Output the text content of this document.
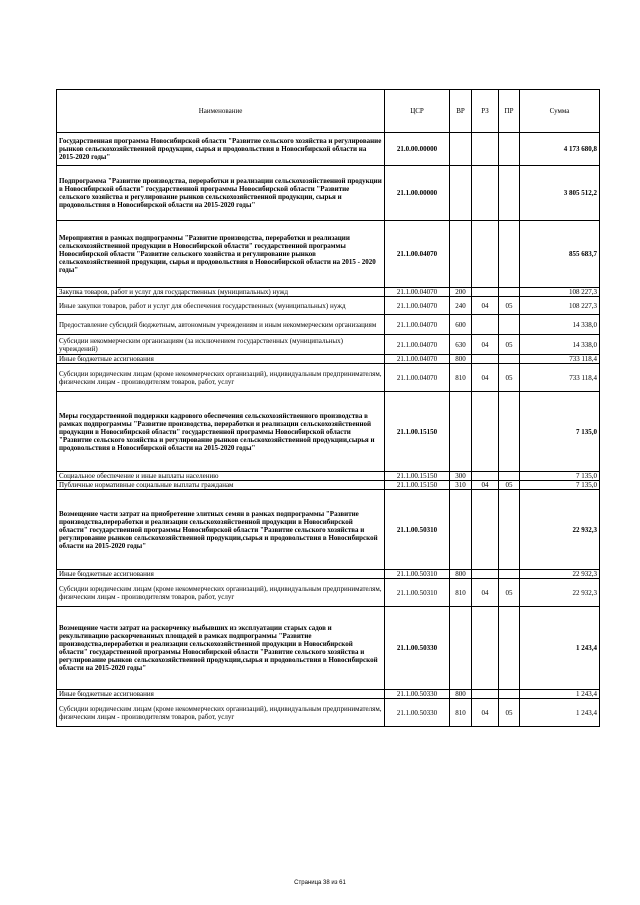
Наименование	ЦСР	ВР	РЗ	ПР	Сумма
Государственная программа Новосибирской области "Развитие сельского хозяйства и регулирование рынков сельскохозяйственной продукции, сырья и продовольствия в Новосибирской области на 2015-2020 годы"	21.0.00.00000				4 173 680,8
Подпрограмма "Развитие производства, переработки и реализации сельскохозяйственной продукции в Новосибирской области" государственной программы Новосибирской области "Развитие сельского хозяйства и регулирование рынков сельскохозяйственной продукции, сырья и продовольствия в Новосибирской области на 2015-2020 годы"	21.1.00.00000				3 805 512,2
Мероприятия в рамках подпрограммы "Развитие производства, переработки и реализации сельскохозяйственной продукции в Новосибирской области" государственной программы Новосибирской области "Развитие сельского хозяйства и регулирование рынков сельскохозяйственной продукции, сырья и продовольствия в Новосибирской области на 2015 - 2020 годы"	21.1.00.04070				855 683,7
Закупка товаров, работ и услуг для государственных (муниципальных) нужд	21.1.00.04070	200			108 227,3
Иные закупки товаров, работ и услуг для обеспечения государственных (муниципальных) нужд	21.1.00.04070	240	04	05	108 227,3
Предоставление субсидий бюджетным, автономным учреждениям и иным некоммерческим организациям	21.1.00.04070	600			14 338,0
Субсидии некоммерческим организациям (за исключением государственных (муниципальных) учреждений)	21.1.00.04070	630	04	05	14 338,0
Иные бюджетные ассигнования	21.1.00.04070	800			733 118,4
Субсидии юридическим лицам (кроме некоммерческих организаций), индивидуальным предпринимателям, физическим лицам - производителям товаров, работ, услуг	21.1.00.04070	810	04	05	733 118,4
Меры государственной поддержки кадрового обеспечения сельскохозяйственного производства в рамках подпрограммы "Развитие производства, переработки и реализации сельскохозяйственной продукции в Новосибирской области" государственной программы Новосибирской области "Развитие сельского хозяйства и регулирование рынков сельскохозяйственной продукции,сырья и продовольствия в Новосибирской области на 2015-2020 годы"	21.1.00.15150				7 135,0
Социальное обеспечение и иные выплаты населению	21.1.00.15150	300			7 135,0
Публичные нормативные социальные выплаты гражданам	21.1.00.15150	310	04	05	7 135,0
Возмещение части затрат на приобретение элитных семян в рамках подпрограммы "Развитие производства,переработки и реализации сельскохозяйственной продукции в Новосибирской области" государственной программы Новосибирской области "Развитие сельского хозяйства и регулирование рынков сельскохозяйственной продукции,сырья и продовольствия в Новосибирской области на 2015-2020 годы"	21.1.00.50310				22 932,3
Иные бюджетные ассигнования	21.1.00.50310	800			22 932,3
Субсидии юридическим лицам (кроме некоммерческих организаций), индивидуальным предпринимателям, физическим лицам - производителям товаров, работ, услуг	21.1.00.50310	810	04	05	22 932,3
Возмещение части затрат на раскорчевку выбывших из эксплуатации старых садов и рекультивацию раскорчеванных площадей в рамках подпрограммы "Развитие производства,переработки и реализации сельскохозяйственной продукции в Новосибирской области" государственной программы Новосибирской области "Развитие сельского хозяйства и регулирование рынков сельскохозяйственной продукции,сырья и продовольствия в Новосибирской области на 2015-2020 годы"	21.1.00.50330				1 243,4
Иные бюджетные ассигнования	21.1.00.50330	800			1 243,4
Субсидии юридическим лицам (кроме некоммерческих организаций), индивидуальным предпринимателям, физическим лицам - производителям товаров, работ, услуг	21.1.00.50330	810	04	05	1 243,4
Страница 38 из 61
